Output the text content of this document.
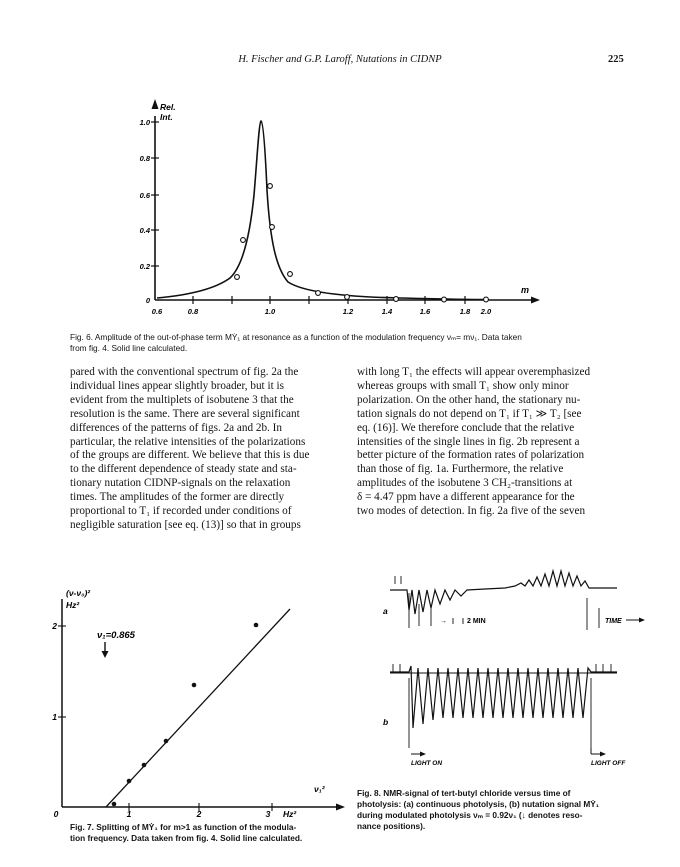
H. Fischer and G.P. Laroff, Nutations in CIDNP	225
Rel.
Int.
1.0
0.8
0.6
0.4
0.2
0
0.6	0.8	1.0	1.2	1.4	1.6	1.8 2.0
m
Fig. 6. Amplitude of the out-of-phase term MẎ₁ at resonance as a function of the modulation frequency νₘ= mν₁. Data taken
from fig. 4. Solid line calculated.

pared with the conventional spectrum of fig. 2a the

individual lines appear slightly broader, but it is

evident from the multiplets of isobutene 3 that the

resolution is the same. There are several significant

differences of the patterns of figs. 2a and 2b. In

particular, the relative intensities of the polarizations

of the groups are different. We believe that this is due

to the different dependence of steady state and sta-

tionary nutation CIDNP-signals on the relaxation

times. The amplitudes of the former are directly

proportional to T₁ if recorded under conditions of

negligible saturation [see eq. (13)] so that in groups

with long T₁ the effects will appear overemphasized

whereas groups with small T₁ show only minor

polarization. On the other hand, the stationary nu-

tation signals do not depend on T₁ if T₁ ≫ T₂ [see

eq. (16)]. We therefore conclude that the relative

intensities of the single lines in fig. 2b represent a

better picture of the formation rates of polarization

than those of fig. 1a. Furthermore, the relative

amplitudes of the isobutene 3 CH₂-transitions at

δ = 4.47 ppm have a different appearance for the

two modes of detection. In fig. 2a five of the seven

(ν-ν₀)²
Hz²
2
1
0	1	2	3
ν₁²
Hz²
ν₁=0.865
Fig. 7. Splitting of MẎ₁ for m>1 as function of the modula-
tion frequency. Data taken from fig. 4. Solid line calculated.
a
b
→	2 MIN	TIME
LIGHT ON	LIGHT OFF
Fig. 8. NMR-signal of tert-butyl chloride versus time of
photolysis: (a) continuous photolysis, (b) nutation signal MẎ₁
during modulated photolysis νₘ = 0.92ν₁ (↓ denotes reso-
nance positions).
